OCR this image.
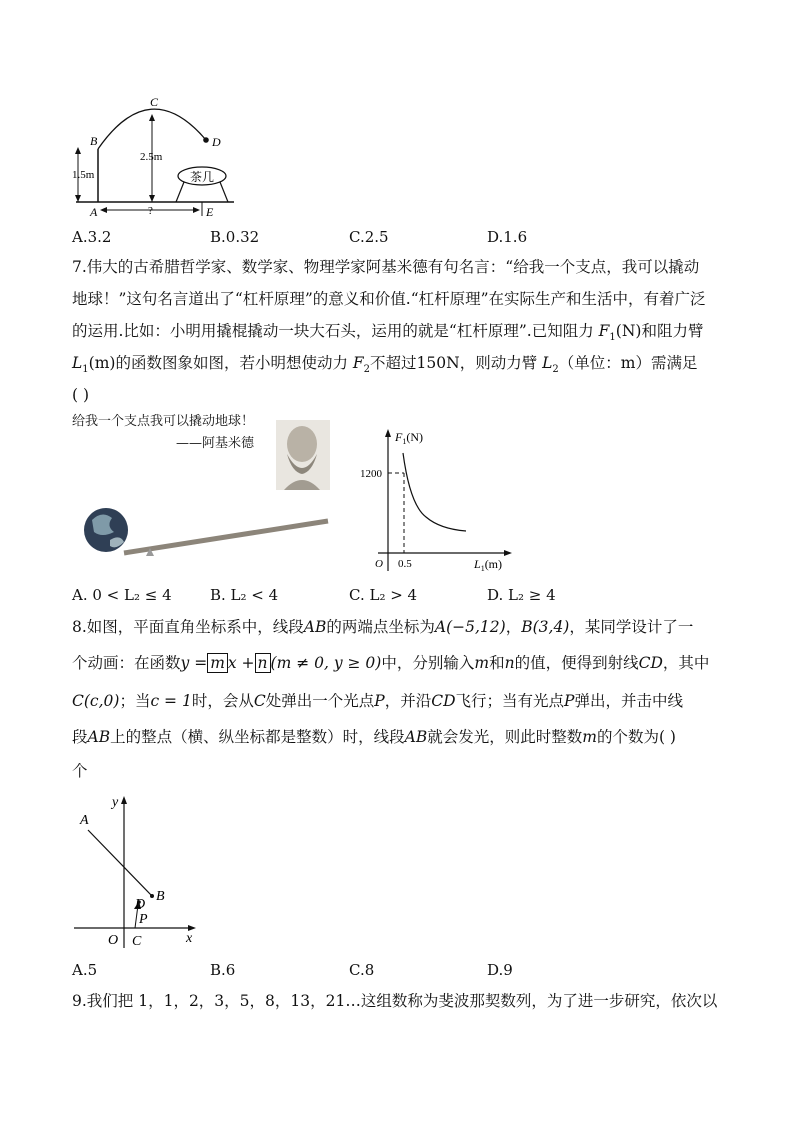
C
B	D
A	E
1.5m
2.5m
?
茶几
A.3.2	B.0.32	C.2.5	D.1.6
7.伟大的古希腊哲学家、数学家、物理学家阿基米德有句名言：“给我一个支点，我可以撬动
地球！”这句名言道出了“杠杆原理”的意义和价值.“杠杆原理”在实际生产和生活中，有着广泛
的运用.比如：小明用撬棍撬动一块大石头，运用的就是“杠杆原理”.已知阻力 $F_1(N)$和阻力臂
$L_1(m)$的函数图象如图，若小明想使动力 $F_2$不超过150N，则动力臂 $L_2$（单位：m）需满足
( )
给我一个支点我可以撬动地球！
——阿基米德	$F_1(N)$
1200
0.5
O	$L_1(m)$
A. 0 < L₂ ≤ 4	B. L₂ < 4	C. L₂ > 4	D. L₂ ≥ 4
8.如图，平面直角坐标系中，线段AB的两端点坐标为A(−5,12)，B(3,4)，某同学设计了一
个动画：在函数y = m x + n (m ≠ 0, y ≥ 0)中，分别输入m和n的值，便得到射线CD，其中
C(c,0)；当c = 1时，会从C处弹出一个光点P，并沿CD飞行；当有光点P弹出，并击中线
段AB上的整点（横、纵坐标都是整数）时，线段AB就会发光，则此时整数m的个数为( )
个
A
B
D
P
O C	x
y
A.5	B.6	C.8	D.9
9.我们把 1，1，2，3，5，8，13，21…这组数称为斐波那契数列，为了进一步研究，依次以
